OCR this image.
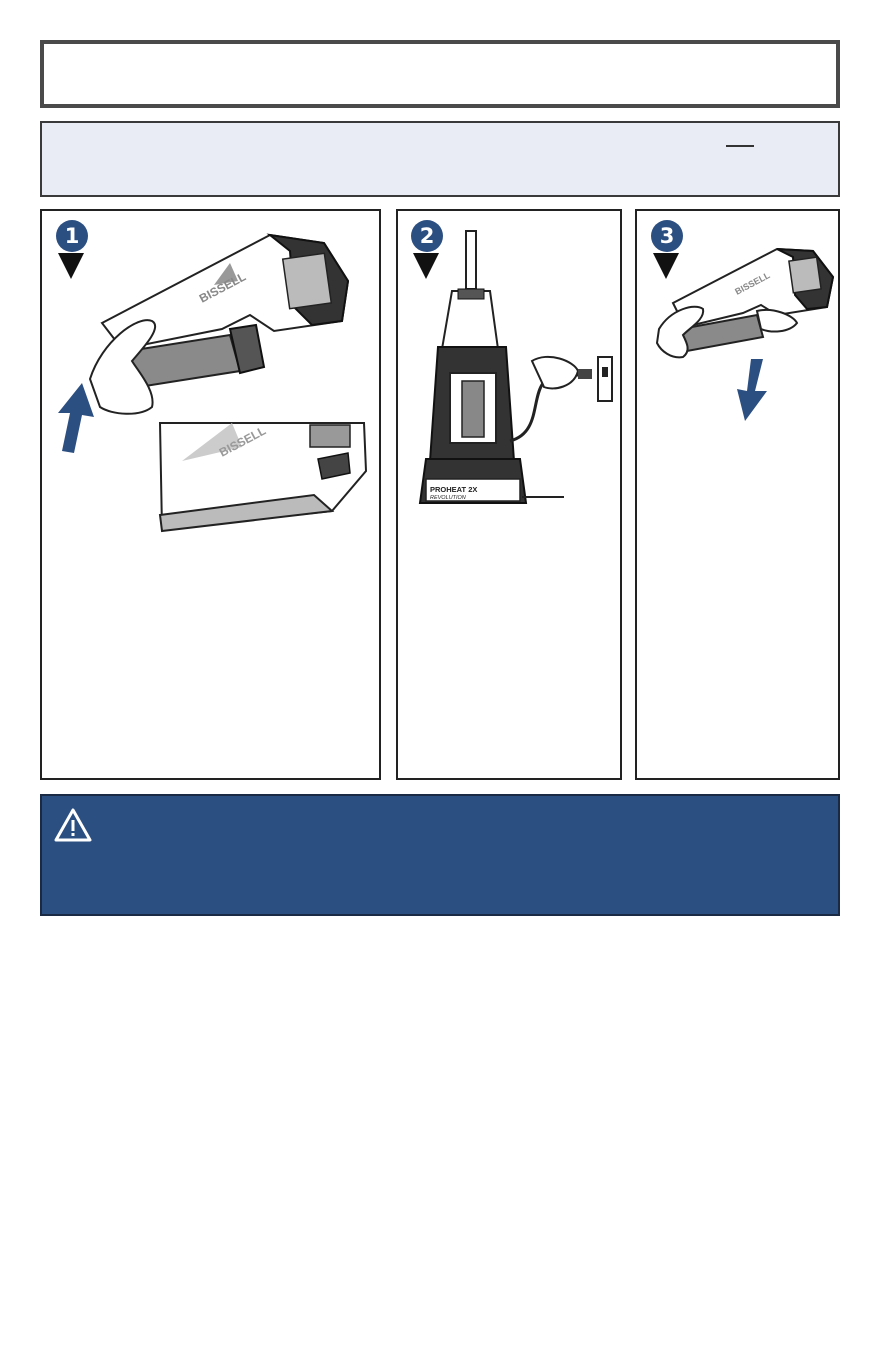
1
BISSELL
BISSELL
2
PROHEAT 2X
REVOLUTION
3
BISSELL
